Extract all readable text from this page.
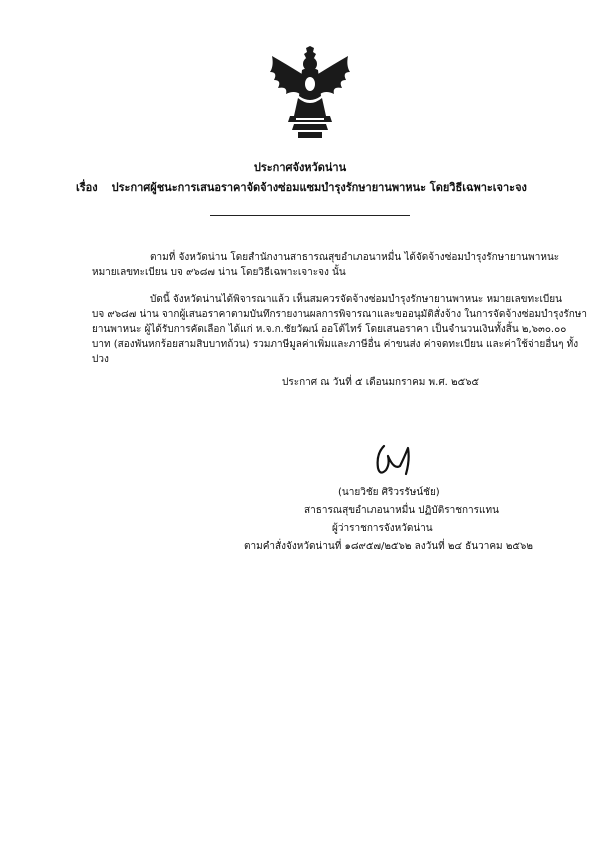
ประกาศจังหวัดน่าน
เรื่อง ประกาศผู้ชนะการเสนอราคาจัดจ้างซ่อมแซมบำรุงรักษายานพาหนะ โดยวิธีเฉพาะเจาะจง
ตามที่ จังหวัดน่าน โดยสำนักงานสาธารณสุขอำเภอนาหมื่น ได้จัดจ้างซ่อมบำรุงรักษายานพาหนะ
หมายเลขทะเบียน บจ ๙๖๘๗ น่าน โดยวิธีเฉพาะเจาะจง นั้น
บัดนี้ จังหวัดน่านได้พิจารณาแล้ว เห็นสมควรจัดจ้างซ่อมบำรุงรักษายานพาหนะ หมายเลขทะเบียน
บจ ๙๖๘๗ น่าน จากผู้เสนอราคาตามบันทึกรายงานผลการพิจารณาและขออนุมัติสั่งจ้าง ในการจัดจ้างซ่อมบำรุงรักษา
ยานพาหนะ ผู้ได้รับการคัดเลือก ได้แก่ ห.จ.ก.ชัยวัฒน์ ออโต้ไทร์ โดยเสนอราคา เป็นจำนวนเงินทั้งสิ้น ๒,๖๓๐.๐๐
บาท (สองพันหกร้อยสามสิบบาทถ้วน) รวมภาษีมูลค่าเพิ่มและภาษีอื่น ค่าขนส่ง ค่าจดทะเบียน และค่าใช้จ่ายอื่นๆ ทั้ง
ปวง
ประกาศ ณ วันที่ ๕ เดือนมกราคม พ.ศ. ๒๕๖๕
(นายวิชัย ศิริวรรัษน์ชัย)
สาธารณสุขอำเภอนาหมื่น ปฏิบัติราชการแทน
ผู้ว่าราชการจังหวัดน่าน
ตามคำสั่งจังหวัดน่านที่ ๑๘๙๕๗/๒๕๖๒ ลงวันที่ ๒๔ ธันวาคม ๒๕๖๒
